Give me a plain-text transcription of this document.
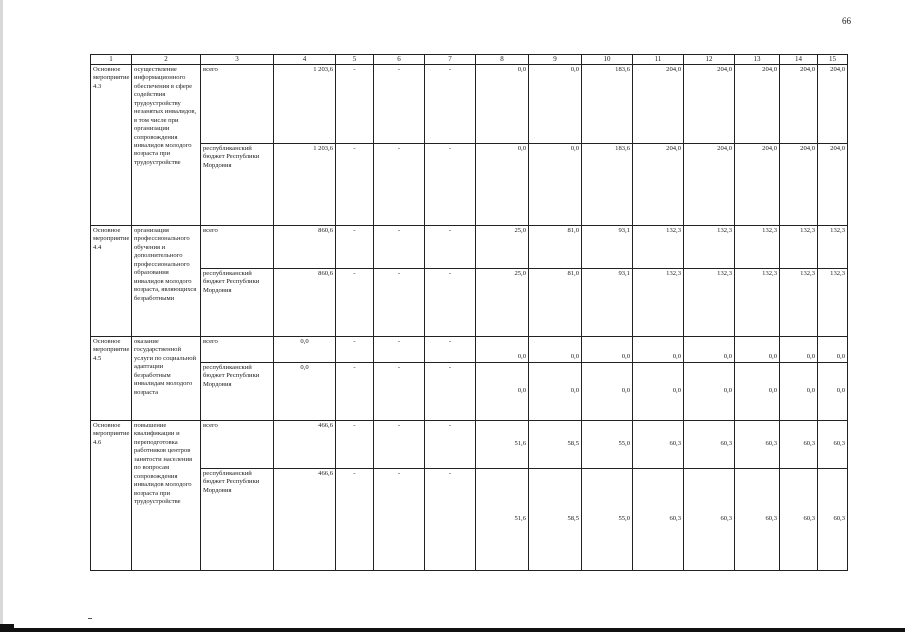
66
1	2	3	4	5	6	7	8	9	10	11	12	13	14	15
Основное мероприятие 4.3	осуществление информационного обеспечения в сфере содействия трудоустройству незанятых инвалидов, в том числе при организации сопровождения инвалидов молодого возраста при трудоустройстве	всего	1 203,6	-	-	-	0,0	0,0	183,6	204,0	204,0	204,0	204,0	204,0
		республиканский бюджет Республики Мордовия	1 203,6	-	-	-	0,0	0,0	183,6	204,0	204,0	204,0	204,0	204,0
Основное мероприятие 4.4	организация профессионального обучения и дополнительного профессионального образования инвалидов молодого возраста, являющихся безработными	всего	860,6	-	-	-	25,0	81,0	93,1	132,3	132,3	132,3	132,3	132,3
		республиканский бюджет Республики Мордовия	860,6	-	-	-	25,0	81,0	93,1	132,3	132,3	132,3	132,3	132,3
Основное мероприятие 4.5	оказание государственной услуги по социальной адаптации безработным инвалидам молодого возраста	всего	0,0	-	-	-	0,0	0,0	0,0	0,0	0,0	0,0	0,0	0,0
		республиканский бюджет Республики Мордовия	0,0	-	-	-	0,0	0,0	0,0	0,0	0,0	0,0	0,0	0,0
Основное мероприятие 4.6	повышение квалификации и переподготовка работников центров занятости населения по вопросам сопровождения инвалидов молодого возраста при трудоустройстве	всего	466,6	-	-	-	51,6	58,5	55,0	60,3	60,3	60,3	60,3	60,3
		республиканский бюджет Республики Мордовия	466,6	-	-	-	51,6	58,5	55,0	60,3	60,3	60,3	60,3	60,3
